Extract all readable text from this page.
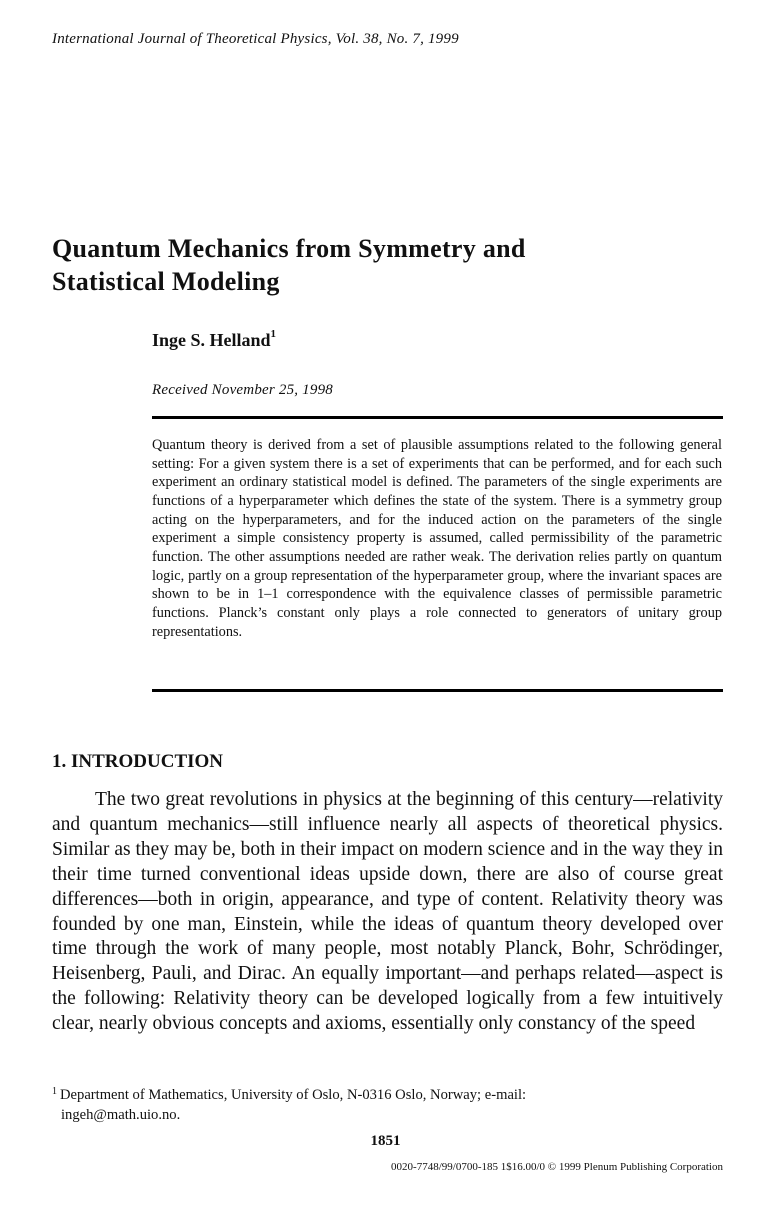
International Journal of Theoretical Physics, Vol. 38, No. 7, 1999
Quantum Mechanics from Symmetry and
Statistical Modeling
Inge S. Helland$^1$
Received November 25, 1998
Quantum theory is derived from a set of plausible assumptions related to the following general setting: For a given system there is a set of experiments that can be performed, and for each such experiment an ordinary statistical model is defined. The parameters of the single experiments are functions of a hyperparameter which defines the state of the system. There is a symmetry group acting on the hyperparameters, and for the induced action on the parameters of the single experiment a simple consistency property is assumed, called permissibility of the parametric function. The other assumptions needed are rather weak. The derivation relies partly on quantum logic, partly on a group representation of the hyperparameter group, where the invariant spaces are shown to be in 1–1 correspondence with the equivalence classes of permissible parametric functions. Planck’s constant only plays a role connected to generators of unitary group representations.
1. INTRODUCTION

The two great revolutions in physics at the beginning of this century—relativity and quantum mechanics—still influence nearly all aspects of theoretical physics. Similar as they may be, both in their impact on modern science and in the way they in their time turned conventional ideas upside down, there are also of course great differences—both in origin, appearance, and type of content. Relativity theory was founded by one man, Einstein, while the ideas of quantum theory developed over time through the work of many people, most notably Planck, Bohr, Schrödinger, Heisenberg, Pauli, and Dirac. An equally important—and perhaps related—aspect is the following: Relativity theory can be developed logically from a few intuitively clear, nearly obvious concepts and axioms, essentially only constancy of the speed

$^1$ Department of Mathematics, University of Oslo, N-0316 Oslo, Norway; e-mail:
ingeh@math.uio.no.
1851
0020-7748/99/0700-185 1$16.00/0 © 1999 Plenum Publishing Corporation
